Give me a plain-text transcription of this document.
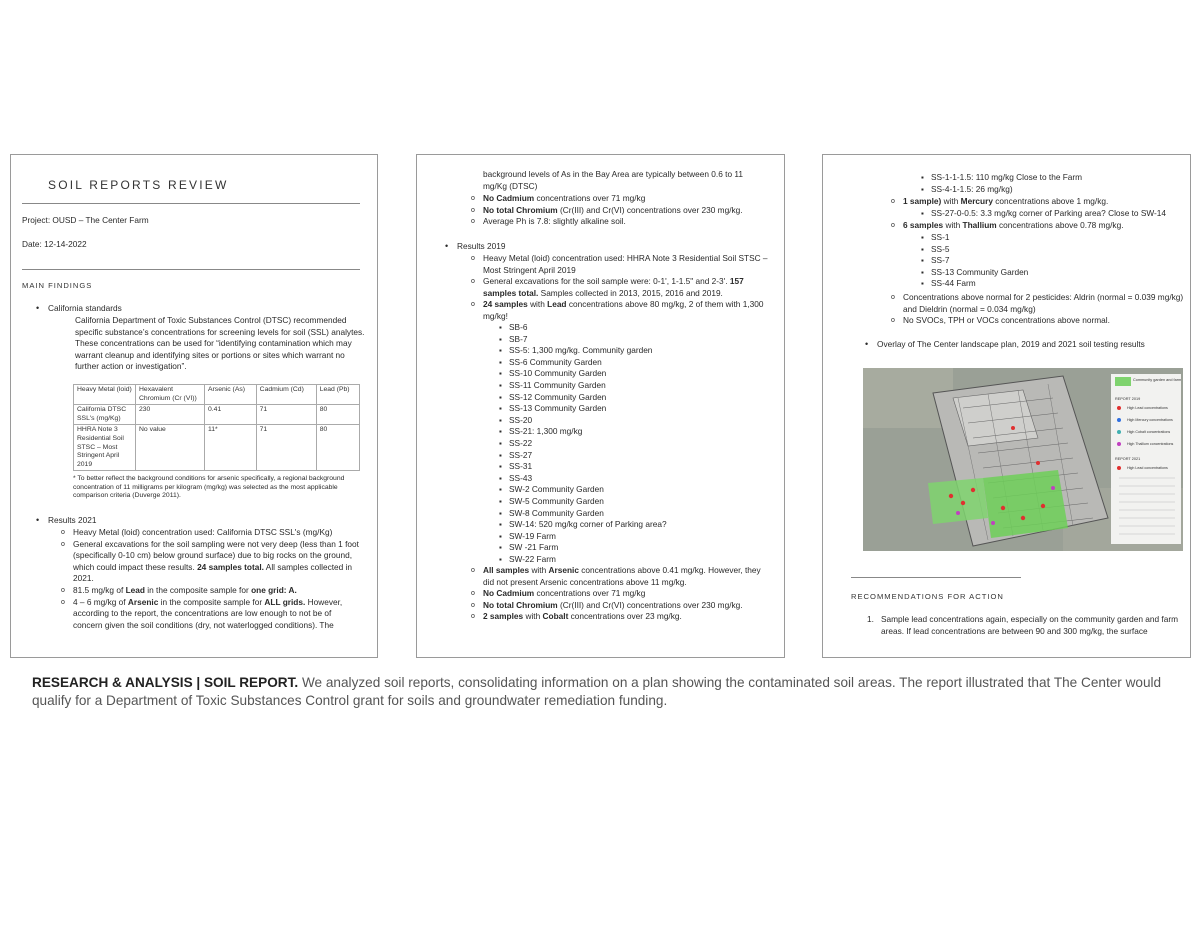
SOIL REPORTS REVIEW
Project: OUSD – The Center Farm
Date: 12-14-2022
MAIN FINDINGS
• California standards
California Department of Toxic Substances Control (DTSC) recommended specific substance’s concentrations for screening levels for soil (SSL) analytes. These concentrations can be used for “identifying contamination which may warrant cleanup and identifying sites or portions or sites which warrant no further action or investigation”.
Heavy Metal (loid)	Hexavalent Chromium (Cr (VI))	Arsenic (As)	Cadmium (Cd)	Lead (Pb)
California DTSC SSL's (mg/Kg)	230	0.41	71	80
HHRA Note 3 Residential Soil STSC – Most Stringent April 2019	No value	11*	71	80
* To better reflect the background conditions for arsenic specifically, a regional background concentration of 11 milligrams per kilogram (mg/kg) was selected as the most applicable comparison criteria (Duverge 2011).
• Results 2021
o Heavy Metal (loid) concentration used: California DTSC SSL's (mg/Kg)
o General excavations for the soil sampling were not very deep (less than 1 foot (specifically 0-10 cm) below ground surface) due to big rocks on the ground, which could impact these results. 24 samples total. All samples collected in 2021.
o 81.5 mg/kg of Lead in the composite sample for one grid: A.
o 4 – 6 mg/kg of Arsenic in the composite sample for ALL grids. However, according to the report, the concentrations are low enough to not be of concern given the soil conditions (dry, not waterlogged conditions). The
background levels of As in the Bay Area are typically between 0.6 to 11 mg/Kg (DTSC)
o No Cadmium concentrations over 71 mg/kg
o No total Chromium (Cr(III) and Cr(VI) concentrations over 230 mg/kg.
o Average Ph is 7.8: slightly alkaline soil.
• Results 2019
o Heavy Metal (loid) concentration used: HHRA Note 3 Residential Soil STSC – Most Stringent April 2019
o General excavations for the soil sample were: 0-1', 1-1.5" and 2-3'. 157 samples total. Samples collected in 2013, 2015, 2016 and 2019.
o 24 samples with Lead concentrations above 80 mg/kg, 2 of them with 1,300 mg/kg!
▪ SB-6
▪ SB-7
▪ SS-5: 1,300 mg/kg. Community garden
▪ SS-6 Community Garden
▪ SS-10 Community Garden
▪ SS-11 Community Garden
▪ SS-12 Community Garden
▪ SS-13 Community Garden
▪ SS-20
▪ SS-21: 1,300 mg/kg
▪ SS-22
▪ SS-27
▪ SS-31
▪ SS-43
▪ SW-2 Community Garden
▪ SW-5 Community Garden
▪ SW-8 Community Garden
▪ SW-14: 520 mg/kg corner of Parking area?
▪ SW-19 Farm
▪ SW -21 Farm
▪ SW-22 Farm
o All samples with Arsenic concentrations above 0.41 mg/kg. However, they did not present Arsenic concentrations above 11 mg/kg.
o No Cadmium concentrations over 71 mg/kg
o No total Chromium (Cr(III) and Cr(VI) concentrations over 230 mg/kg.
o 2 samples with Cobalt concentrations over 23 mg/kg.
▪ SS-1-1-1.5: 110 mg/kg Close to the Farm
▪ SS-4-1-1.5: 26 mg/kg)
o 1 sample) with Mercury concentrations above 1 mg/kg.
▪ SS-27-0-0.5: 3.3 mg/kg corner of Parking area? Close to SW-14
o 6 samples with Thallium concentrations above 0.78 mg/kg.
▪ SS-1
▪ SS-5
▪ SS-7
▪ SS-13 Community Garden
▪ SS-44 Farm
o Concentrations above normal for 2 pesticides: Aldrin (normal = 0.039 mg/kg) and Dieldrin (normal = 0.034 mg/kg)
o No SVOCs, TPH or VOCs concentrations above normal.
• Overlay of The Center landscape plan, 2019 and 2021 soil testing results
Community garden and farm
REPORT 2019
High Lead concentrations
High Mercury concentrations
High Cobalt concentrations
High Thallium concentrations
REPORT 2021
High Lead concentrations
RECOMMENDATIONS FOR ACTION
1. Sample lead concentrations again, especially on the community garden and farm areas. If lead concentrations are between 90 and 300 mg/kg, the surface
RESEARCH & ANALYSIS | SOIL REPORT. We analyzed soil reports, consolidating information on a plan showing the contaminated soil areas. The report illustrated that The Center would qualify for a Department of Toxic Substances Control grant for soils and groundwater remediation funding.
